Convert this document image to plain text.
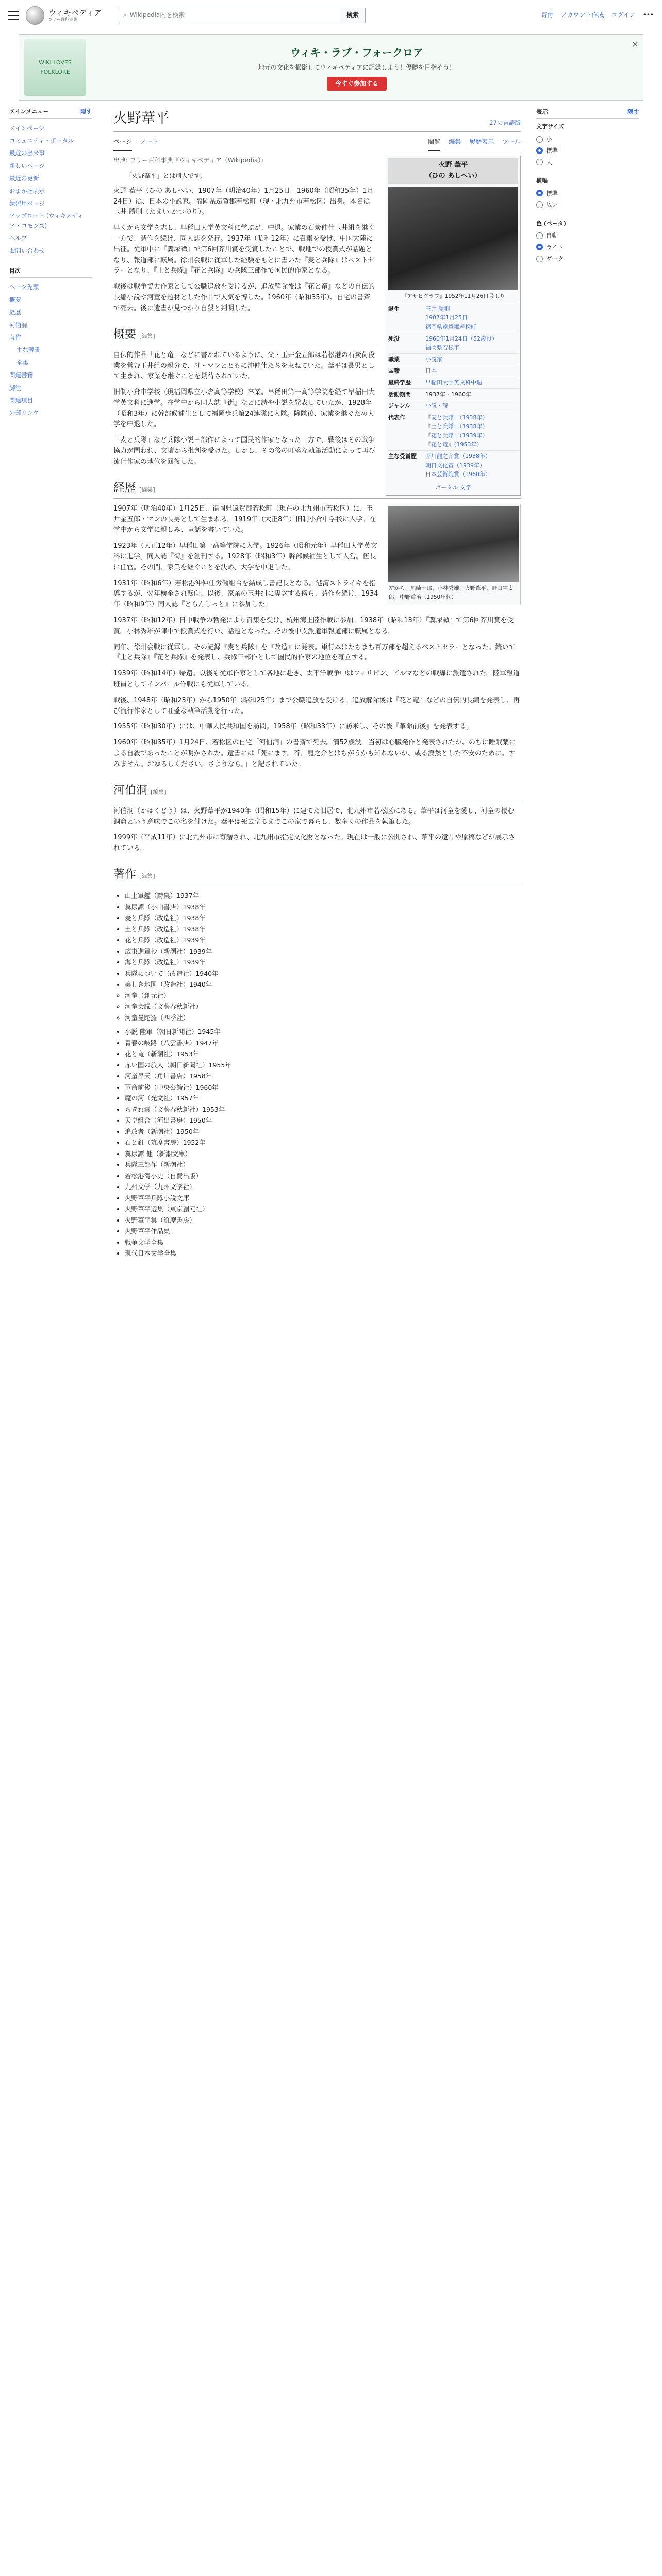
ウィキペディア
フリー百科事典
⌕ Wikipedia内を検索	検索	寄付 アカウント作成 ログイン •••
WIKI LOVES FOLKLORE
ウィキ・ラブ・フォークロア
地元の文化を撮影してウィキペディアに記録しよう！優勝を目指そう！
今すぐ参加する
×
メインメニュー	隠す
メインページ
コミュニティ・ポータル
最近の出来事
新しいページ
最近の更新
おまかせ表示
練習用ページ
アップロード (ウィキメディア・コモンズ)
ヘルプ
お問い合わせ
目次
ページ先頭
概要
経歴
河伯洞
著作
主な著書
全集
関連書籍
脚注
関連項目
外部リンク
火野葦平	27の言語版
ページ ノート	閲覧 編集 履歴表示 ツール
出典: フリー百科事典『ウィキペディア（Wikipedia）』
「火野葦平」とは別人です。

火野 葦平（ひの あしへい、1907年（明治40年）1月25日 - 1960年（昭和35年）1月24日）は、日本の小説家。福岡県遠賀郡若松町（現・北九州市若松区）出身。本名は玉井 勝則（たまい かつのり）。

早くから文学を志し、早稲田大学英文科に学ぶが、中退。家業の石炭仲仕玉井組を継ぐ一方で、詩作を続け、同人誌を発行。1937年（昭和12年）に召集を受け、中国大陸に出征。従軍中に『糞尿譚』で第6回芥川賞を受賞したことで、戦地での授賞式が話題となり、報道部に転属。徐州会戦に従軍した経験をもとに書いた『麦と兵隊』はベストセラーとなり、『土と兵隊』『花と兵隊』の兵隊三部作で国民的作家となる。

戦後は戦争協力作家として公職追放を受けるが、追放解除後は『花と竜』などの自伝的長編小説や河童を題材とした作品で人気を博した。1960年（昭和35年）、自宅の書斎で死去。後に遺書が見つかり自殺と判明した。

概要 [編集]

自伝的作品「花と竜」などに書かれているように、父・玉井金五郎は若松港の石炭荷役業を営む玉井組の親分で、母・マンとともに沖仲仕たちを束ねていた。葦平は長男として生まれ、家業を継ぐことを期待されていた。

旧制小倉中学校（現福岡県立小倉高等学校）卒業。早稲田第一高等学院を経て早稲田大学英文科に進学。在学中から同人誌『街』などに詩や小説を発表していたが、1928年（昭和3年）に幹部候補生として福岡歩兵第24連隊に入隊。除隊後、家業を継ぐため大学を中退した。

「麦と兵隊」など兵隊小説三部作によって国民的作家となった一方で、戦後はその戦争協力が問われ、文壇から批判を受けた。しかし、その後の旺盛な執筆活動によって再び流行作家の地位を回復した。

火野 葦平
（ひの あしへい）
『アサヒグラフ』1952年11月26日号より
誕生	玉井 勝則
1907年1月25日
福岡県遠賀郡若松町
死没	1960年1月24日（52歳没）
福岡県若松市
職業	小説家
国籍	日本
最終学歴	早稲田大学英文科中退
活動期間	1937年 - 1960年
ジャンル	小説・詩
代表作	『麦と兵隊』（1938年）
『土と兵隊』（1938年）
『花と兵隊』（1939年）
『花と竜』（1953年）
主な受賞歴	芥川龍之介賞（1938年）
朝日文化賞（1939年）
日本芸術院賞（1960年）
ポータル 文学
経歴 [編集]
左から、尾崎士郎、小林秀雄、火野葦平、野田宇太郎、中野重治（1950年代）

1907年（明治40年）1月25日、福岡県遠賀郡若松町（現在の北九州市若松区）に、玉井金五郎・マンの長男として生まれる。1919年（大正8年）旧制小倉中学校に入学。在学中から文学に親しみ、童話を書いていた。

1923年（大正12年）早稲田第一高等学院に入学。1926年（昭和元年）早稲田大学英文科に進学。同人誌『街』を創刊する。1928年（昭和3年）幹部候補生として入営。伍長に任官。その間、家業を継ぐことを決め、大学を中退した。

1931年（昭和6年）若松港沖仲仕労働組合を結成し書記長となる。港湾ストライキを指導するが、翌年検挙され転向。以後、家業の玉井組に専念する傍ら、詩作を続け、1934年（昭和9年）同人誌『とらんしっと』に参加した。

1937年（昭和12年）日中戦争の勃発により召集を受け、杭州湾上陸作戦に参加。1938年（昭和13年）『糞尿譚』で第6回芥川賞を受賞。小林秀雄が陣中で授賞式を行い、話題となった。その後中支派遣軍報道部に転属となる。

同年、徐州会戦に従軍し、その記録『麦と兵隊』を『改造』に発表。単行本はたちまち百万部を超えるベストセラーとなった。続いて『土と兵隊』『花と兵隊』を発表し、兵隊三部作として国民的作家の地位を確立する。

1939年（昭和14年）帰還。以後も従軍作家として各地に赴き、太平洋戦争中はフィリピン、ビルマなどの戦線に派遣された。陸軍報道班員としてインパール作戦にも従軍している。

戦後、1948年（昭和23年）から1950年（昭和25年）まで公職追放を受ける。追放解除後は『花と竜』などの自伝的長編を発表し、再び流行作家として旺盛な執筆活動を行った。

1955年（昭和30年）には、中華人民共和国を訪問。1958年（昭和33年）に訪米し、その後『革命前後』を発表する。

1960年（昭和35年）1月24日、若松区の自宅「河伯洞」の書斎で死去。満52歳没。当初は心臓発作と発表されたが、のちに睡眠薬による自殺であったことが明かされた。遺書には「死にます。芥川龍之介とはちがうかも知れないが、或る漠然とした不安のために。すみません。おゆるしください。さようなら。」と記されていた。

河伯洞 [編集]

河伯洞（かはくどう）は、火野葦平が1940年（昭和15年）に建てた旧居で、北九州市若松区にある。葦平は河童を愛し、河童の棲む洞窟という意味でこの名を付けた。葦平は死去するまでこの家で暮らし、数多くの作品を執筆した。

1999年（平成11年）に北九州市に寄贈され、北九州市指定文化財となった。現在は一般に公開され、葦平の遺品や原稿などが展示されている。

著作 [編集]
• 山上軍艦（詩集）1937年
• 糞尿譚（小山書店）1938年
• 麦と兵隊（改造社）1938年
• 土と兵隊（改造社）1938年
• 花と兵隊（改造社）1939年
• 広東進軍抄（新潮社）1939年
• 海と兵隊（改造社）1939年
• 兵隊について（改造社）1940年
• 美しき地図（改造社）1940年
◦ 河童（創元社）
◦ 河童会議（文藝春秋新社）
◦ 河童曼陀羅（四季社）
• 小説 陸軍（朝日新聞社）1945年
• 青春の岐路（八雲書店）1947年
• 花と竜（新潮社）1953年
• 赤い国の旅人（朝日新聞社）1955年
• 河童昇天（角川書店）1958年
• 革命前後（中央公論社）1960年
• 魔の河（光文社）1957年
• ちぎれ雲（文藝春秋新社）1953年
• 天皇組合（河出書房）1950年
• 追放者（新潮社）1950年
• 石と釘（筑摩書房）1952年
• 糞尿譚 他（新潮文庫）
• 兵隊三部作（新潮社）
• 若松港湾小史（自費出版）
• 九州文学（九州文学社）
• 火野葦平兵隊小説文庫
• 火野葦平選集（東京創元社）
• 火野葦平集（筑摩書房）
• 火野葦平作品集
• 戦争文学全集
• 現代日本文学全集
表示	隠す
文字サイズ
小
標準
大
横幅
標準
広い
色 (ベータ)
自動
ライト
ダーク
